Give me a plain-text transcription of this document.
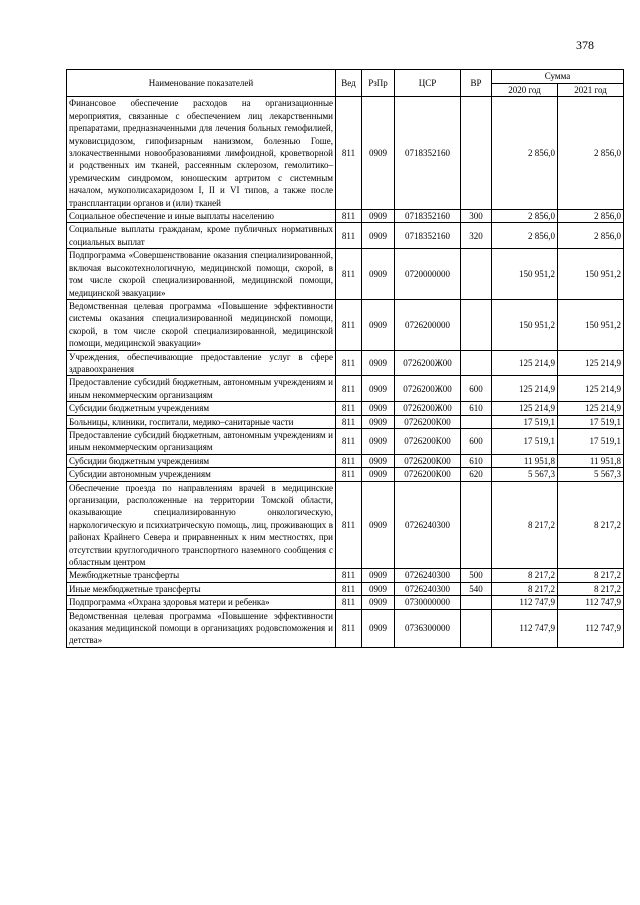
378
Наименование показателей	Вед	РзПр	ЦСР	ВР	Сумма	
					2020 год	2021 год
Финансовое обеспечение расходов на организационные мероприятия, связанные с обеспечением лиц лекарственными препаратами, предназначенными для лечения больных гемофилией, муковисцидозом, гипофизарным нанизмом, болезнью Гоше, злокачественными новообразованиями лимфоидной, кроветворной и родственных им тканей, рассеянным склерозом, гемолитико–уремическим синдромом, юношеским артритом с системным началом, мукополисахаридозом I, II и VI типов, а также после трансплантации органов и (или) тканей	811	0909	0718352160		2 856,0	2 856,0
Социальное обеспечение и иные выплаты населению	811	0909	0718352160	300	2 856,0	2 856,0
Социальные выплаты гражданам, кроме публичных нормативных социальных выплат	811	0909	0718352160	320	2 856,0	2 856,0
Подпрограмма «Совершенствование оказания специализированной, включая высокотехнологичную, медицинской помощи, скорой, в том числе скорой специализированной, медицинской помощи, медицинской эвакуации»	811	0909	0720000000		150 951,2	150 951,2
Ведомственная целевая программа «Повышение эффективности системы оказания специализированной медицинской помощи, скорой, в том числе скорой специализированной, медицинской помощи, медицинской эвакуации»	811	0909	0726200000		150 951,2	150 951,2
Учреждения, обеспечивающие предоставление услуг в сфере здравоохранения	811	0909	0726200Ж00		125 214,9	125 214,9
Предоставление субсидий бюджетным, автономным учреждениям и иным некоммерческим организациям	811	0909	0726200Ж00	600	125 214,9	125 214,9
Субсидии бюджетным учреждениям	811	0909	0726200Ж00	610	125 214,9	125 214,9
Больницы, клиники, госпитали, медико–санитарные части	811	0909	0726200К00		17 519,1	17 519,1
Предоставление субсидий бюджетным, автономным учреждениям и иным некоммерческим организациям	811	0909	0726200К00	600	17 519,1	17 519,1
Субсидии бюджетным учреждениям	811	0909	0726200К00	610	11 951,8	11 951,8
Субсидии автономным учреждениям	811	0909	0726200К00	620	5 567,3	5 567,3
Обеспечение проезда по направлениям врачей в медицинские организации, расположенные на территории Томской области, оказывающие специализированную онкологическую, наркологическую и психиатрическую помощь, лиц, проживающих в районах Крайнего Севера и приравненных к ним местностях, при отсутствии круглогодичного транспортного наземного сообщения с областным центром	811	0909	0726240300		8 217,2	8 217,2
Межбюджетные трансферты	811	0909	0726240300	500	8 217,2	8 217,2
Иные межбюджетные трансферты	811	0909	0726240300	540	8 217,2	8 217,2
Подпрограмма «Охрана здоровья матери и ребенка»	811	0909	0730000000		112 747,9	112 747,9
Ведомственная целевая программа «Повышение эффективности оказания медицинской помощи в организациях родовспоможения и детства»	811	0909	0736300000		112 747,9	112 747,9
